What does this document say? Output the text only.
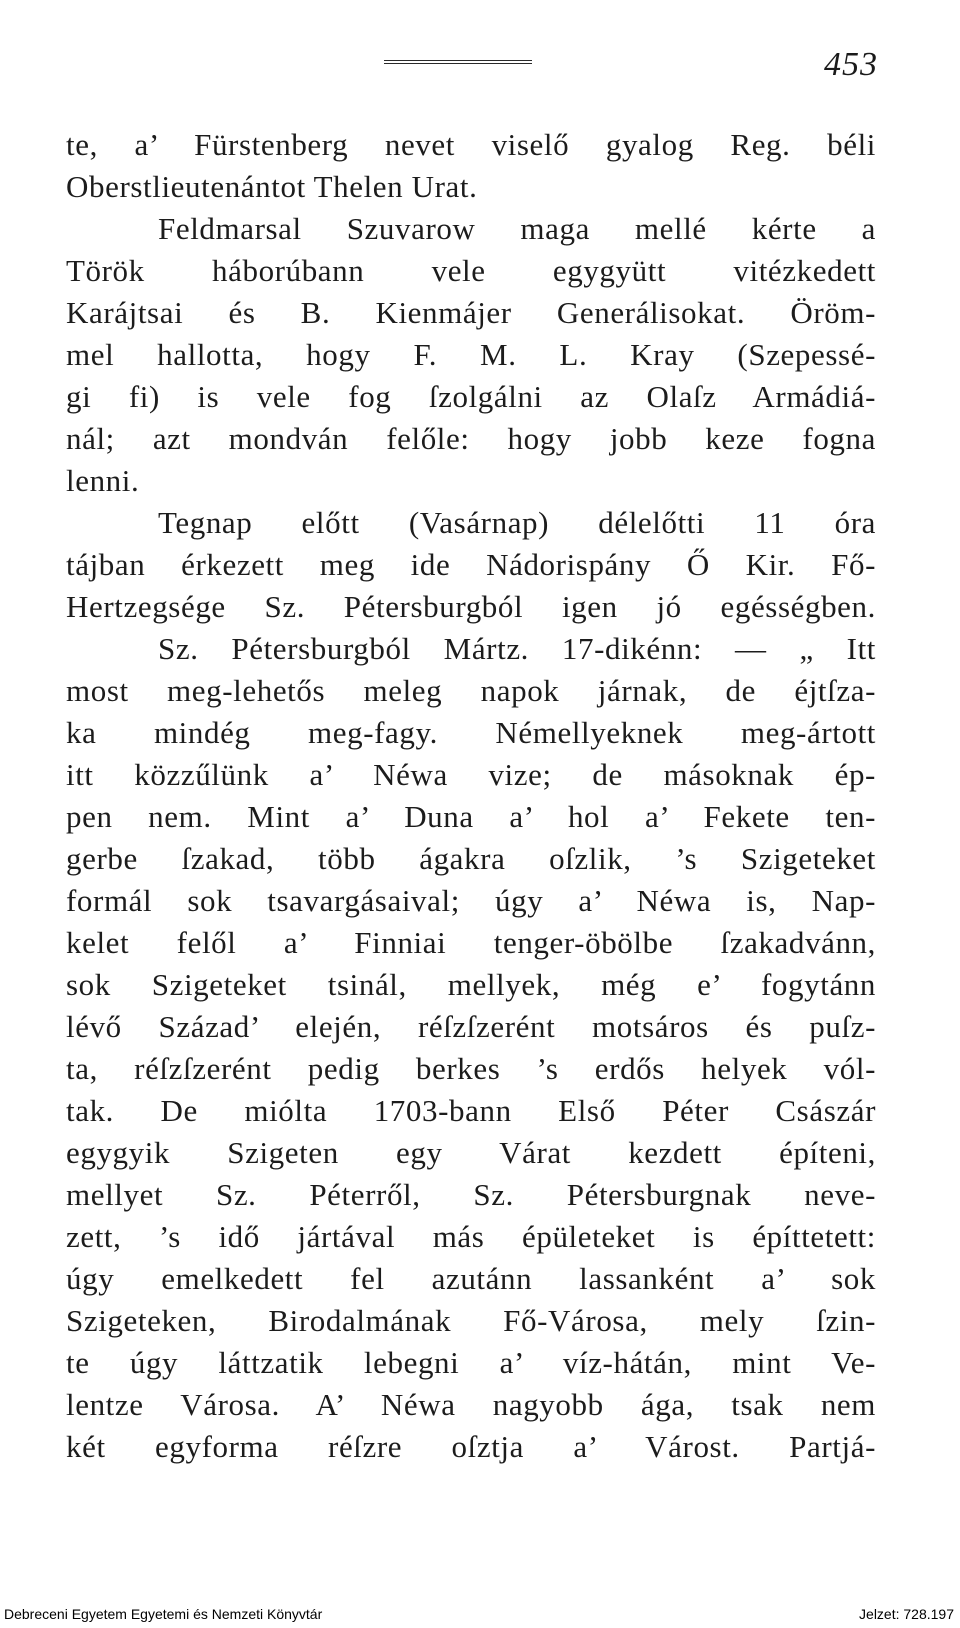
453
te, a’ Fürstenberg nevet viselő gyalog Reg. béli
Oberstlieutenántot Thelen Urat.
Feldmarsal Szuvarow maga mellé kérte a
Török háborúbann vele egygyütt vitézkedett
Karájtsai és B. Kienmájer Generálisokat. Öröm-
mel hallotta, hogy F. M. L. Kray (Szepessé-
gi fi) is vele fog ſzolgálni az Olaſz Armádiá-
nál; azt mondván felőle: hogy jobb keze fogna
lenni.
Tegnap előtt (Vasárnap) délelőtti 11 óra
tájban érkezett meg ide Nádorispány Ő Kir. Fő-
Hertzegsége Sz. Pétersburgból igen jó egésségben.
Sz. Pétersburgból Mártz. 17-dikénn: — „ Itt
most meg-lehetős meleg napok járnak, de éjtſza-
ka mindég meg-fagy. Némellyeknek meg-ártott
itt közzűlünk a’ Néwa vize; de másoknak ép-
pen nem. Mint a’ Duna a’ hol a’ Fekete ten-
gerbe ſzakad, több ágakra oſzlik, ’s Szigeteket
formál sok tsavargásaival; úgy a’ Néwa is, Nap-
kelet felől a’ Finniai tenger-öbölbe ſzakadvánn,
sok Szigeteket tsinál, mellyek, még e’ fogytánn
lévő Század’ elején, réſzſzerént motsáros és puſz-
ta, réſzſzerént pedig berkes ’s erdős helyek vól-
tak. De miólta 1703-bann Első Péter Császár
egygyik Szigeten egy Várat kezdett építeni,
mellyet Sz. Péterről, Sz. Pétersburgnak neve-
zett, ’s idő jártával más épületeket is építtetett:
úgy emelkedett fel azutánn lassanként a’ sok
Szigeteken, Birodalmának Fő-Városa, mely ſzin-
te úgy láttzatik lebegni a’ víz-hátán, mint Ve-
lentze Városa. A’ Néwa nagyobb ága, tsak nem
két egyforma réſzre oſztja a’ Várost. Partjá-
Debreceni Egyetem Egyetemi és Nemzeti Könyvtár	Jelzet: 728.197
